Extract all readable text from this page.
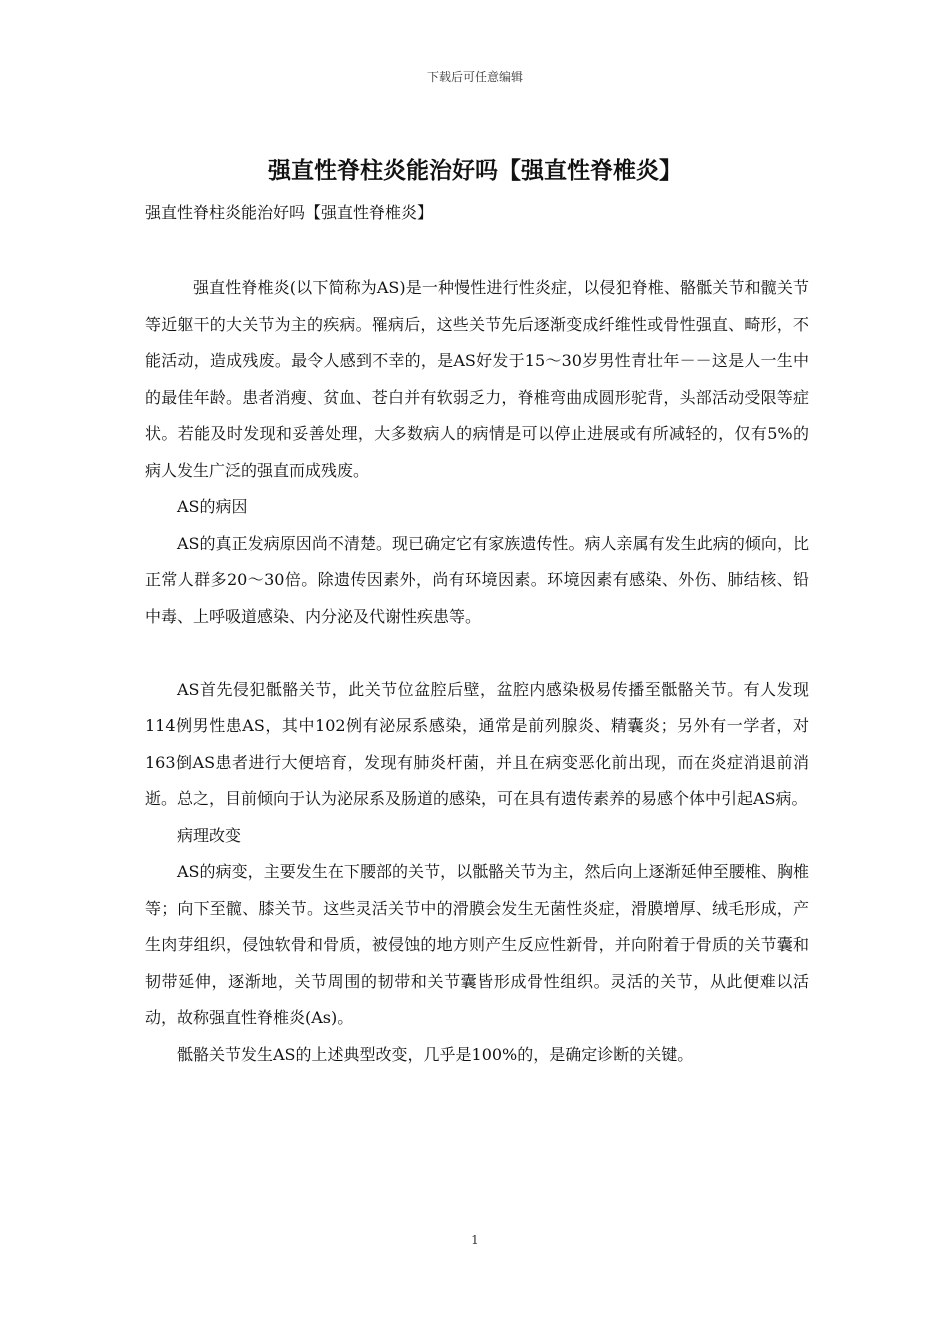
下载后可任意编辑
强直性脊柱炎能治好吗【强直性脊椎炎】

强直性脊柱炎能治好吗【强直性脊椎炎】

强直性脊椎炎(以下简称为AS)是一种慢性进行性炎症，以侵犯脊椎、骼骶关节和髋关节等近躯干的大关节为主的疾病。罹病后，这些关节先后逐渐变成纤维性或骨性强直、畸形，不能活动，造成残废。最令人感到不幸的，是AS好发于15～30岁男性青壮年－－这是人一生中的最佳年龄。患者消瘦、贫血、苍白并有软弱乏力，脊椎弯曲成圆形驼背，头部活动受限等症状。若能及时发现和妥善处理，大多数病人的病情是可以停止进展或有所减轻的，仅有5%的病人发生广泛的强直而成残废。

AS的病因

AS的真正发病原因尚不清楚。现已确定它有家族遗传性。病人亲属有发生此病的倾向，比正常人群多20～30倍。除遗传因素外，尚有环境因素。环境因素有感染、外伤、肺结核、铅中毒、上呼吸道感染、内分泌及代谢性疾患等。

AS首先侵犯骶骼关节，此关节位盆腔后壁，盆腔内感染极易传播至骶骼关节。有人发现114例男性患AS，其中102例有泌尿系感染，通常是前列腺炎、精囊炎；另外有一学者，对163倒AS患者进行大便培育，发现有肺炎杆菌，并且在病变恶化前出现，而在炎症消退前消逝。总之，目前倾向于认为泌尿系及肠道的感染，可在具有遗传素养的易感个体中引起AS病。

病理改变

AS的病变，主要发生在下腰部的关节，以骶骼关节为主，然后向上逐渐延伸至腰椎、胸椎等；向下至髋、膝关节。这些灵活关节中的滑膜会发生无菌性炎症，滑膜增厚、绒毛形成，产生肉芽组织，侵蚀软骨和骨质，被侵蚀的地方则产生反应性新骨，并向附着于骨质的关节囊和韧带延伸，逐渐地，关节周围的韧带和关节囊皆形成骨性组织。灵活的关节，从此便难以活动，故称强直性脊椎炎(As)。

骶骼关节发生AS的上述典型改变，几乎是100%的，是确定诊断的关键。

1
